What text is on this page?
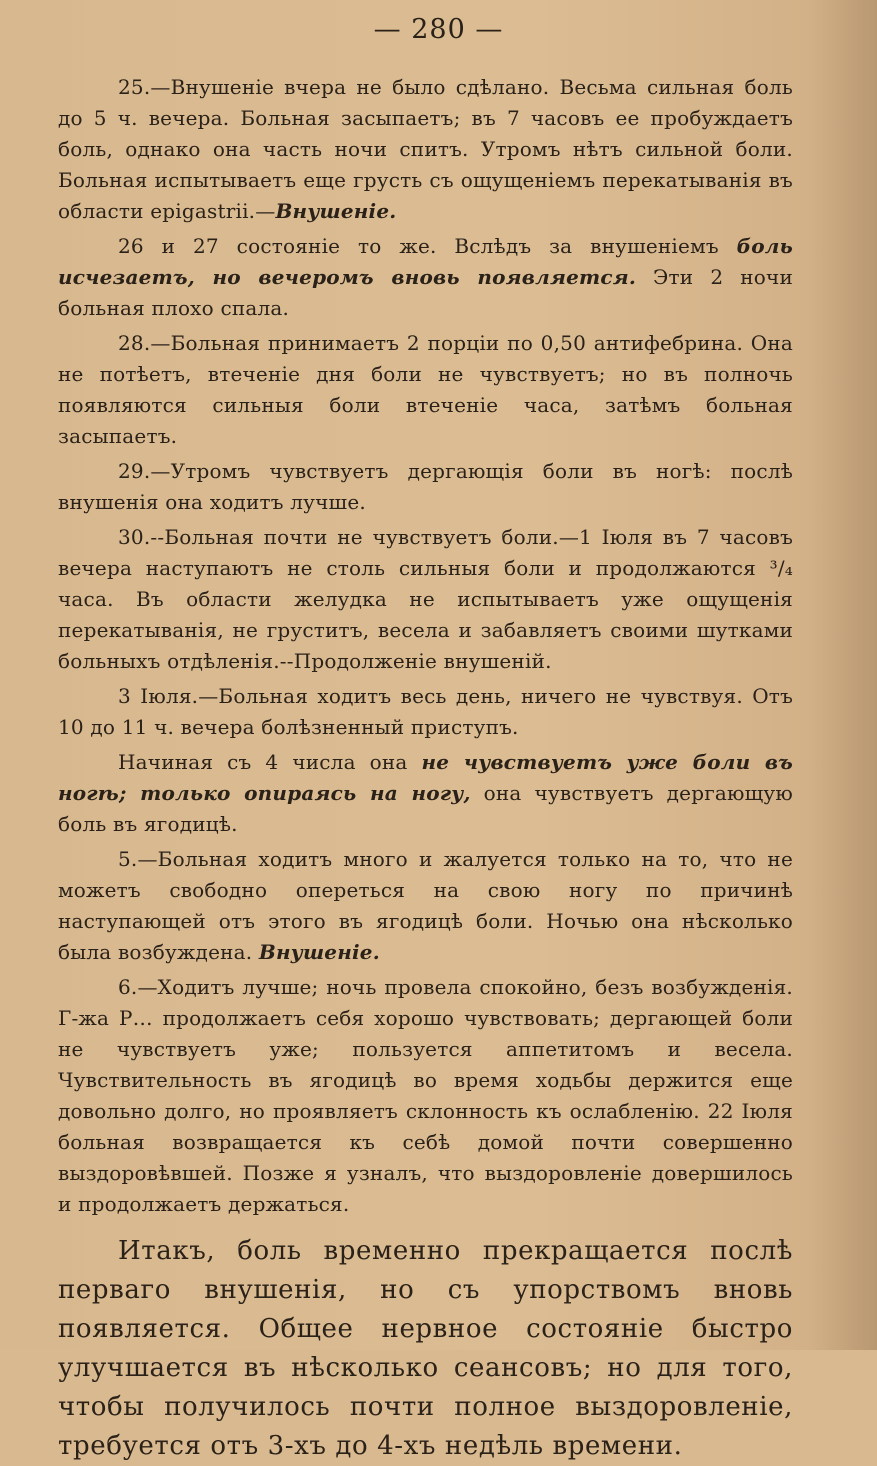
— 280 —

25.—Внушеніе вчера не было сдѣлано. Весьма сильная боль до 5 ч. вечера. Больная засыпаетъ; въ 7 часовъ ее пробуждаетъ боль, однако она часть ночи спитъ. Утромъ нѣтъ сильной боли. Больная испытываетъ еще грусть съ ощущеніемъ перекатыванія въ области epigastrii.—Внушеніе.

26 и 27 состояніе то же. Вслѣдъ за внушеніемъ боль исчезаетъ, но вечеромъ вновь появляется. Эти 2 ночи больная плохо спала.

28.—Больная принимаетъ 2 порціи по 0,50 антифебрина. Она не потѣетъ, втеченіе дня боли не чувствуетъ; но въ полночь появляются сильныя боли втеченіе часа, затѣмъ больная засыпаетъ.

29.—Утромъ чувствуетъ дергающія боли въ ногѣ: послѣ внушенія она ходитъ лучше.

30.--Больная почти не чувствуетъ боли.—1 Іюля въ 7 часовъ вечера наступаютъ не столь сильныя боли и продолжаются ³/₄ часа. Въ области желудка не испытываетъ уже ощущенія перекатыванія, не груститъ, весела и забавляетъ своими шутками больныхъ отдѣленія.--Продолженіе внушеній.

3 Іюля.—Больная ходитъ весь день, ничего не чувствуя. Отъ 10 до 11 ч. вечера болѣзненный приступъ.

Начиная съ 4 числа она не чувствуетъ уже боли въ ногѣ; только опираясь на ногу, она чувствуетъ дергающую боль въ ягодицѣ.

5.—Больная ходитъ много и жалуется только на то, что не можетъ свободно опереться на свою ногу по причинѣ наступающей отъ этого въ ягодицѣ боли. Ночью она нѣсколько была возбуждена. Внушеніе.

6.—Ходитъ лучше; ночь провела спокойно, безъ возбужденія. Г-жа Р… продолжаетъ себя хорошо чувствовать; дергающей боли не чувствуетъ уже; пользуется аппетитомъ и весела. Чувствительность въ ягодицѣ во время ходьбы держится еще довольно долго, но проявляетъ склонность къ ослабленію. 22 Іюля больная возвращается къ себѣ домой почти совершенно выздоровѣвшей. Позже я узналъ, что выздоровленіе довершилось и продолжаетъ держаться.

Итакъ, боль временно прекращается послѣ перваго внушенія, но съ упорствомъ вновь появляется. Общее нервное состояніе быстро улучшается въ нѣсколько сеансовъ; но для того, чтобы получилось почти полное выздоровленіе, требуется отъ 3-хъ до 4-хъ недѣль времени.
